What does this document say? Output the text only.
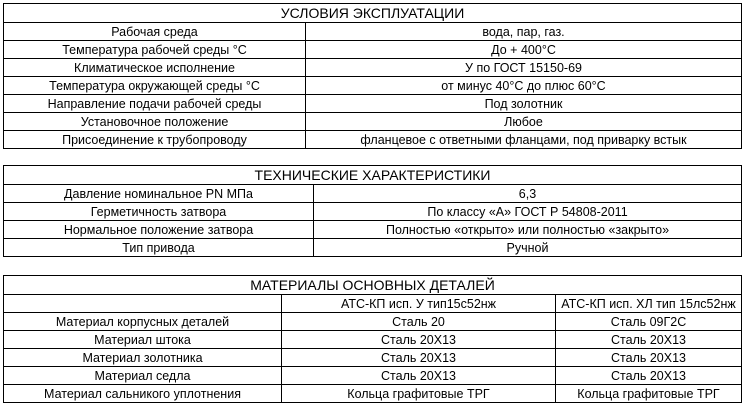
УСЛОВИЯ ЭКСПЛУАТАЦИИ	
Рабочая среда	вода, пар, газ.
Температура рабочей среды °С	До + 400°С
Климатическое исполнение	У по ГОСТ 15150-69
Температура окружающей среды °С	от минус 40°С до плюс 60°С
Направление подачи рабочей среды	Под золотник
Установочное положение	Любое
Присоединение к трубопроводу	фланцевое с ответными фланцами, под приварку встык
ТЕХНИЧЕСКИЕ ХАРАКТЕРИСТИКИ	
Давление номинальное PN МПа	6,3
Герметичность затвора	По классу «А» ГОСТ Р 54808-2011
Нормальное положение затвора	Полностью «открыто» или полностью «закрыто»
Тип привода	Ручной
МАТЕРИАЛЫ ОСНОВНЫХ ДЕТАЛЕЙ		
	АТС-КП исп. У тип15с52нж	АТС-КП исп. ХЛ тип 15лс52нж
Материал корпусных деталей	Сталь 20	Сталь 09Г2С
Материал штока	Сталь 20Х13	Сталь 20Х13
Материал золотника	Сталь 20Х13	Сталь 20Х13
Материал седла	Сталь 20Х13	Сталь 20Х13
Материал сальникого уплотнения	Кольца графитовые ТРГ	Кольца графитовые ТРГ
